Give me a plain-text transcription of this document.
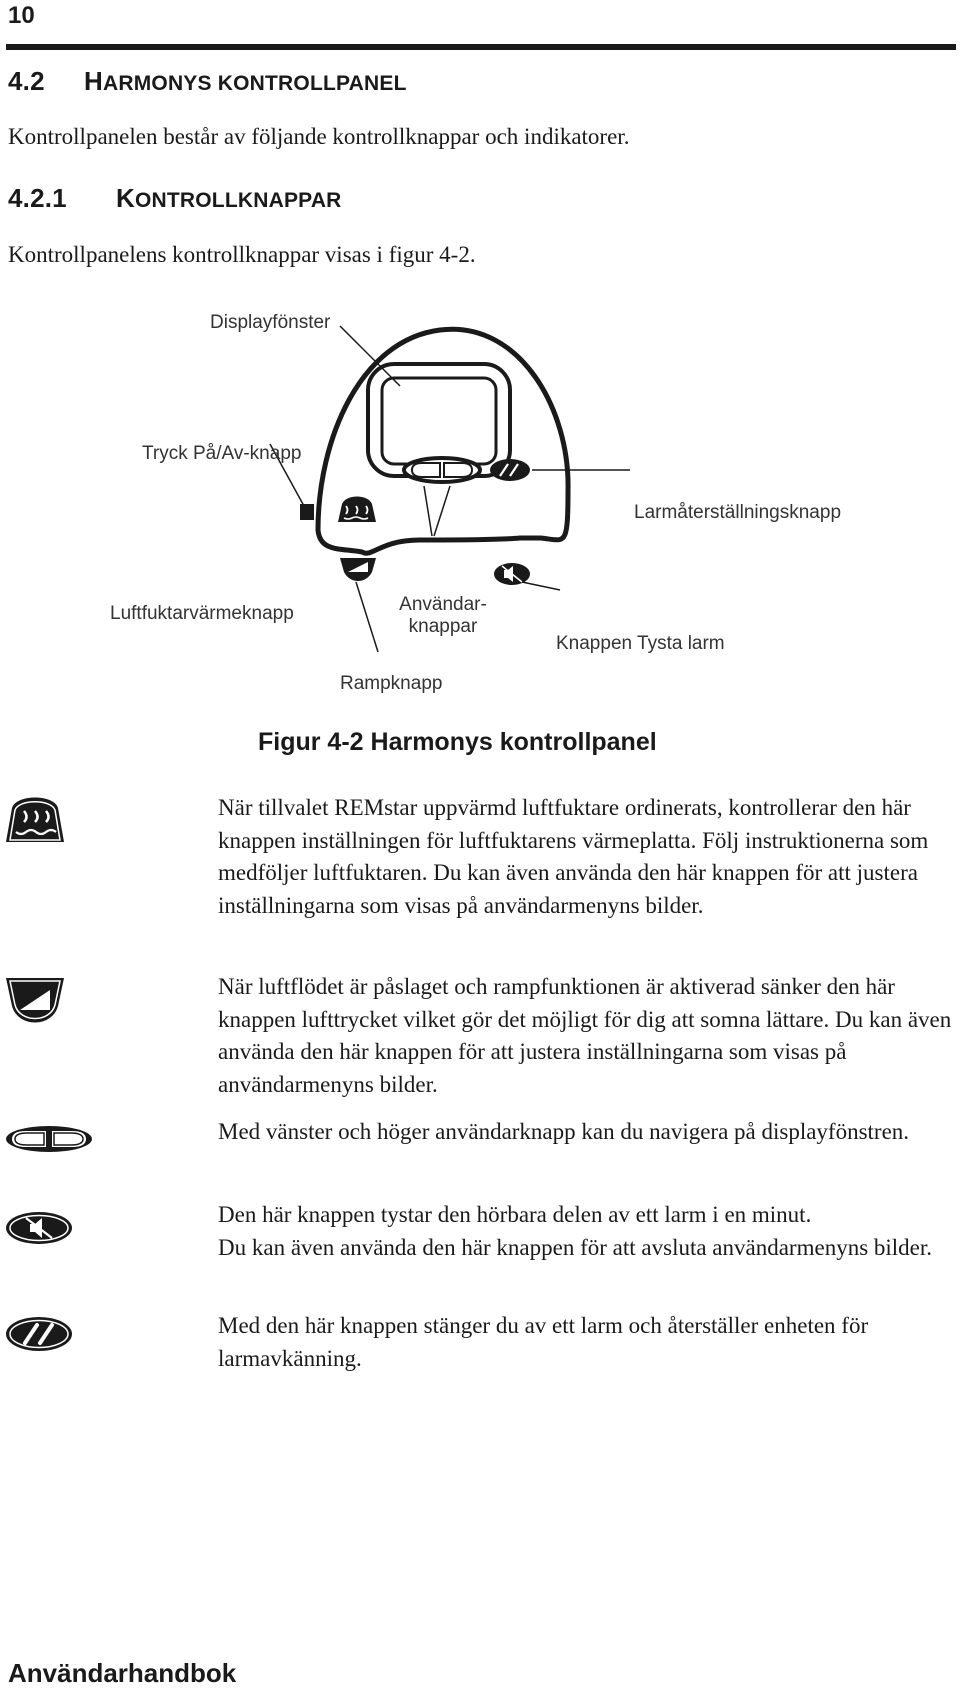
10
4.2 HARMONYS KONTROLLPANEL
Kontrollpanelen består av följande kontrollknappar och indikatorer.
4.2.1 KONTROLLKNAPPAR
Kontrollpanelens kontrollknappar visas i figur 4-2.
Displayfönster
Tryck På/Av-knapp
Larmåterställningsknapp
Luftfuktarvärmeknapp	Användar-
knappar
Knappen Tysta larm
Rampknapp
Figur 4-2 Harmonys kontrollpanel
När tillvalet REMstar uppvärmd luftfuktare ordinerats, kontrollerar den här knappen inställningen för luftfuktarens värmeplatta. Följ instruktionerna som medföljer luftfuktaren. Du kan även använda den här knappen för att justera inställningarna som visas på användarmenyns bilder.
När luftflödet är påslaget och rampfunktionen är aktiverad sänker den här knappen lufttrycket vilket gör det möjligt för dig att somna lättare. Du kan även använda den här knappen för att justera inställningarna som visas på användarmenyns bilder.
Med vänster och höger användarknapp kan du navigera på displayfönstren.
Den här knappen tystar den hörbara delen av ett larm i en minut.
Du kan även använda den här knappen för att avsluta användarmenyns bilder.
Med den här knappen stänger du av ett larm och återställer enheten för larmavkänning.
Användarhandbok
